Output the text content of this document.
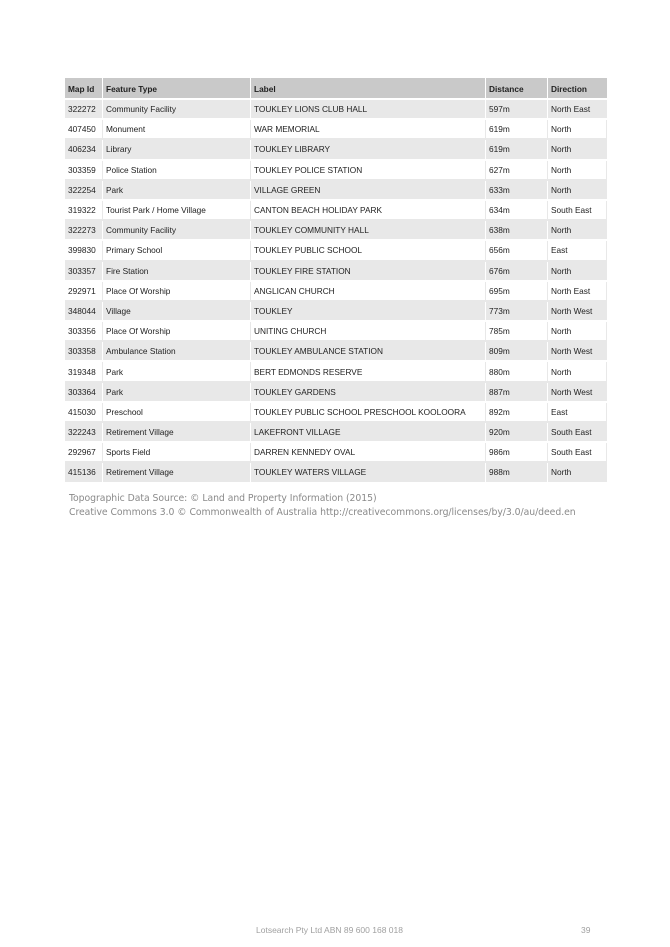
Map Id	Feature Type	Label	Distance	Direction
322272	Community Facility	TOUKLEY LIONS CLUB HALL	597m	North East
407450	Monument	WAR MEMORIAL	619m	North
406234	Library	TOUKLEY LIBRARY	619m	North
303359	Police Station	TOUKLEY POLICE STATION	627m	North
322254	Park	VILLAGE GREEN	633m	North
319322	Tourist Park / Home Village	CANTON BEACH HOLIDAY PARK	634m	South East
322273	Community Facility	TOUKLEY COMMUNITY HALL	638m	North
399830	Primary School	TOUKLEY PUBLIC SCHOOL	656m	East
303357	Fire Station	TOUKLEY FIRE STATION	676m	North
292971	Place Of Worship	ANGLICAN CHURCH	695m	North East
348044	Village	TOUKLEY	773m	North West
303356	Place Of Worship	UNITING CHURCH	785m	North
303358	Ambulance Station	TOUKLEY AMBULANCE STATION	809m	North West
319348	Park	BERT EDMONDS RESERVE	880m	North
303364	Park	TOUKLEY GARDENS	887m	North West
415030	Preschool	TOUKLEY PUBLIC SCHOOL PRESCHOOL KOOLOORA	892m	East
322243	Retirement Village	LAKEFRONT VILLAGE	920m	South East
292967	Sports Field	DARREN KENNEDY OVAL	986m	South East
415136	Retirement Village	TOUKLEY WATERS VILLAGE	988m	North
Topographic Data Source: © Land and Property Information (2015)
Creative Commons 3.0 © Commonwealth of Australia http://creativecommons.org/licenses/by/3.0/au/deed.en
Lotsearch Pty Ltd ABN 89 600 168 018	39
